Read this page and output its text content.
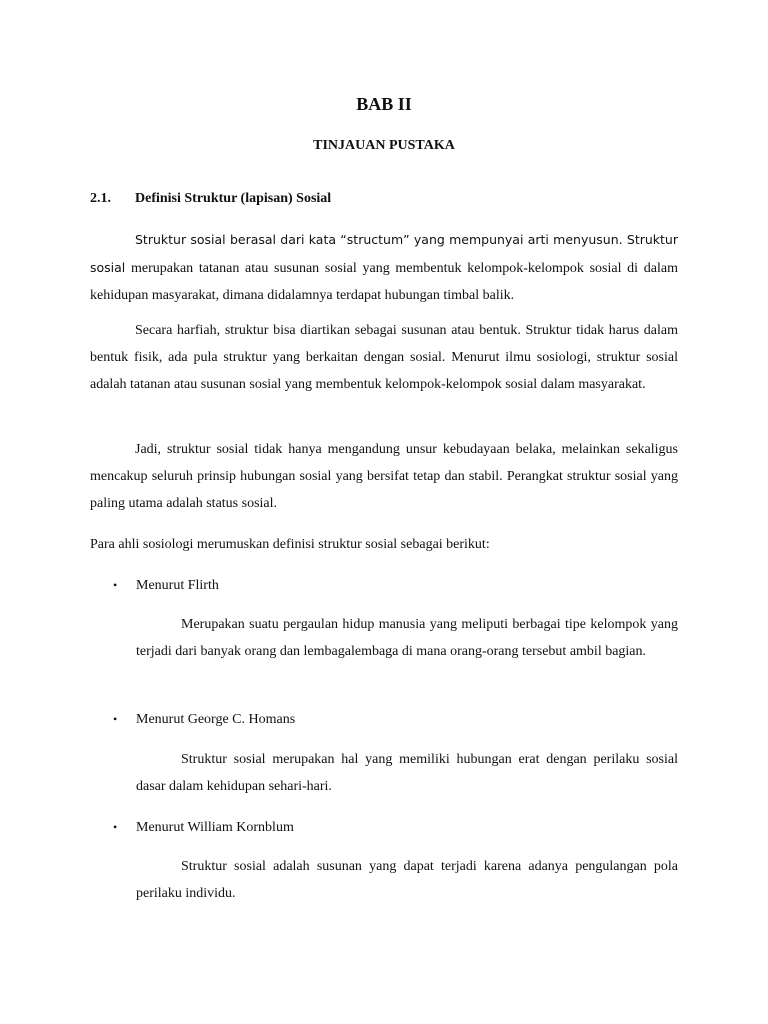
BAB II
TINJAUAN PUSTAKA
2.1. Definisi Struktur (lapisan) Sosial
Struktur sosial berasal dari kata “structum” yang mempunyai arti menyusun. Struktur sosial merupakan tatanan atau susunan sosial yang membentuk kelompok-kelompok sosial di dalam kehidupan masyarakat, dimana didalamnya terdapat hubungan timbal balik.
Secara harfiah, struktur bisa diartikan sebagai susunan atau bentuk. Struktur tidak harus dalam bentuk fisik, ada pula struktur yang berkaitan dengan sosial. Menurut ilmu sosiologi, struktur sosial adalah tatanan atau susunan sosial yang membentuk kelompok-kelompok sosial dalam masyarakat.
Jadi, struktur sosial tidak hanya mengandung unsur kebudayaan belaka, melainkan sekaligus mencakup seluruh prinsip hubungan sosial yang bersifat tetap dan stabil. Perangkat struktur sosial yang paling utama adalah status sosial.
Para ahli sosiologi merumuskan definisi struktur sosial sebagai berikut:
• Menurut Flirth
Merupakan suatu pergaulan hidup manusia yang meliputi berbagai tipe kelompok yang terjadi dari banyak orang dan lembagalembaga di mana orang-orang tersebut ambil bagian.
• Menurut George C. Homans
Struktur sosial merupakan hal yang memiliki hubungan erat dengan perilaku sosial dasar dalam kehidupan sehari-hari.
• Menurut William Kornblum
Struktur sosial adalah susunan yang dapat terjadi karena adanya pengulangan pola perilaku individu.
